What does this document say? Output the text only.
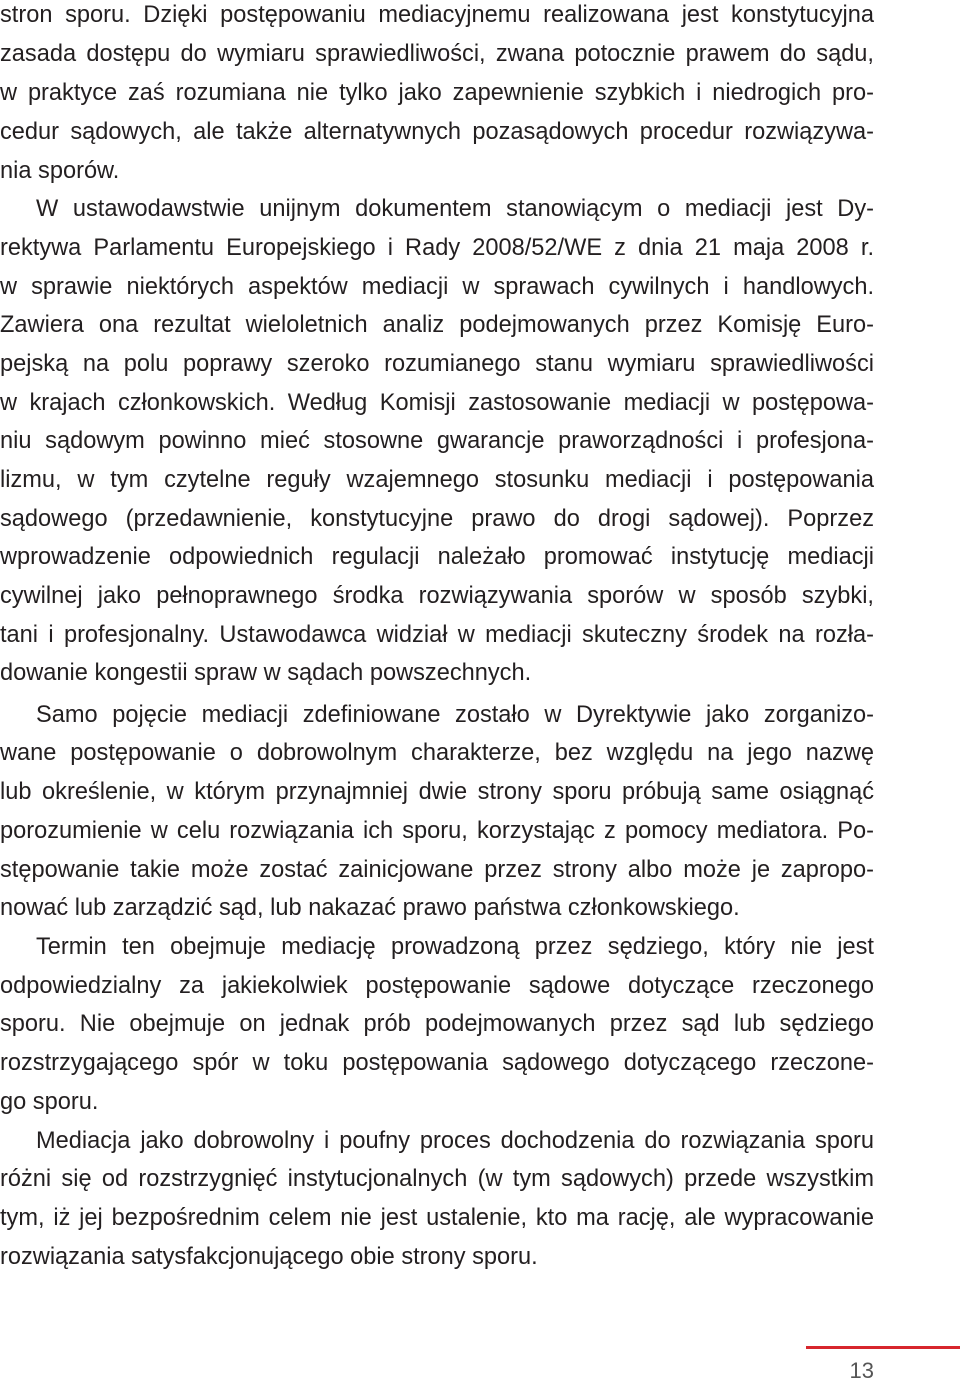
stron sporu. Dzięki postępowaniu mediacyjnemu realizowana jest konstytucyjna
zasada dostępu do wymiaru sprawiedliwości, zwana potocznie prawem do sądu,
w praktyce zaś rozumiana nie tylko jako zapewnienie szybkich i niedrogich pro-
cedur sądowych, ale także alternatywnych pozasądowych procedur rozwiązywa-
nia sporów.
W ustawodawstwie unijnym dokumentem stanowiącym o mediacji jest Dy-
rektywa Parlamentu Europejskiego i Rady 2008/52/WE z dnia 21 maja 2008 r.
w sprawie niektórych aspektów mediacji w sprawach cywilnych i handlowych.
Zawiera ona rezultat wieloletnich analiz podejmowanych przez Komisję Euro-
pejską na polu poprawy szeroko rozumianego stanu wymiaru sprawiedliwości
w krajach członkowskich. Według Komisji zastosowanie mediacji w postępowa-
niu sądowym powinno mieć stosowne gwarancje praworządności i profesjona-
lizmu, w tym czytelne reguły wzajemnego stosunku mediacji i postępowania
sądowego (przedawnienie, konstytucyjne prawo do drogi sądowej). Poprzez
wprowadzenie odpowiednich regulacji należało promować instytucję mediacji
cywilnej jako pełnoprawnego środka rozwiązywania sporów w sposób szybki,
tani i profesjonalny. Ustawodawca widział w mediacji skuteczny środek na rozła-
dowanie kongestii spraw w sądach powszechnych.
Samo pojęcie mediacji zdefiniowane zostało w Dyrektywie jako zorganizo-
wane postępowanie o dobrowolnym charakterze, bez względu na jego nazwę
lub określenie, w którym przynajmniej dwie strony sporu próbują same osiągnąć
porozumienie w celu rozwiązania ich sporu, korzystając z pomocy mediatora. Po-
stępowanie takie może zostać zainicjowane przez strony albo może je zapropo-
nować lub zarządzić sąd, lub nakazać prawo państwa członkowskiego.
Termin ten obejmuje mediację prowadzoną przez sędziego, który nie jest
odpowiedzialny za jakiekolwiek postępowanie sądowe dotyczące rzeczonego
sporu. Nie obejmuje on jednak prób podejmowanych przez sąd lub sędziego
rozstrzygającego spór w toku postępowania sądowego dotyczącego rzeczone-
go sporu.
Mediacja jako dobrowolny i poufny proces dochodzenia do rozwiązania sporu
różni się od rozstrzygnięć instytucjonalnych (w tym sądowych) przede wszystkim
tym, iż jej bezpośrednim celem nie jest ustalenie, kto ma rację, ale wypracowanie
rozwiązania satysfakcjonującego obie strony sporu.
13
